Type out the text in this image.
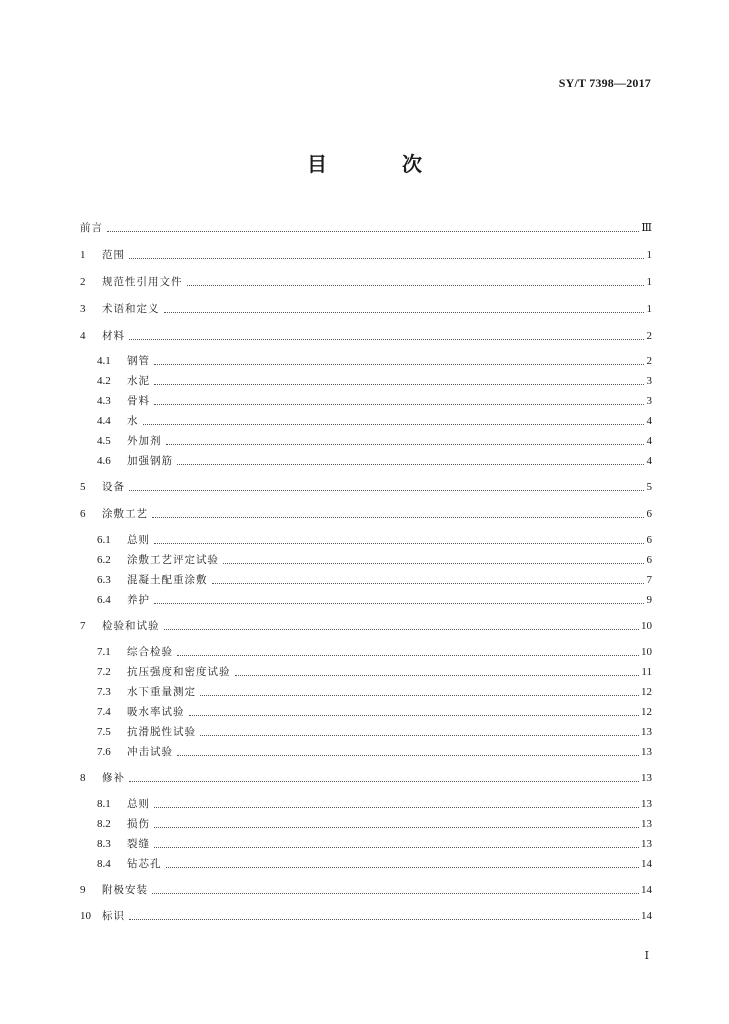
SY/T 7398—2017
目 次
前言	Ⅲ
1	范围	1
2	规范性引用文件	1
3	术语和定义	1
4	材料	2
4.1	钢管	2
4.2	水泥	3
4.3	骨料	3
4.4	水	4
4.5	外加剂	4
4.6	加强钢筋	4
5	设备	5
6	涂敷工艺	6
6.1	总则	6
6.2	涂敷工艺评定试验	6
6.3	混凝土配重涂敷	7
6.4	养护	9
7	检验和试验	10
7.1	综合检验	10
7.2	抗压强度和密度试验	11
7.3	水下重量测定	12
7.4	吸水率试验	12
7.5	抗滑脱性试验	13
7.6	冲击试验	13
8	修补	13
8.1	总则	13
8.2	损伤	13
8.3	裂缝	13
8.4	钻芯孔	14
9	附极安装	14
10	标识	14
Ⅰ
